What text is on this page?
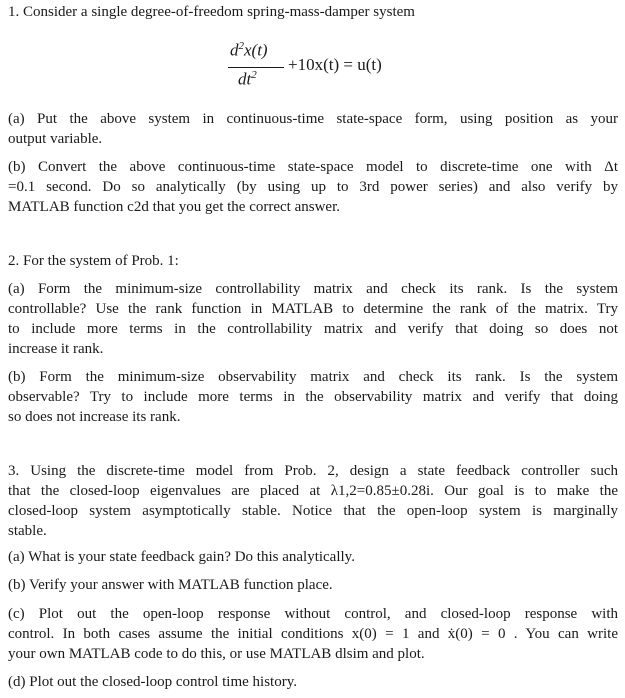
1. Consider a single degree-of-freedom spring-mass-damper system
$d^2x(t)$
$dt^2$
+10x(t) = u(t)
(a) Put the above system in continuous-time state-space form, using position as your
output variable.
(b) Convert the above continuous-time state-space model to discrete-time one with Δt
=0.1 second. Do so analytically (by using up to 3rd power series) and also verify by
MATLAB function c2d that you get the correct answer.
2. For the system of Prob. 1:
(a) Form the minimum-size controllability matrix and check its rank. Is the system
controllable? Use the rank function in MATLAB to determine the rank of the matrix. Try
to include more terms in the controllability matrix and verify that doing so does not
increase it rank.
(b) Form the minimum-size observability matrix and check its rank. Is the system
observable? Try to include more terms in the observability matrix and verify that doing
so does not increase its rank.
3. Using the discrete-time model from Prob. 2, design a state feedback controller such
that the closed-loop eigenvalues are placed at λ1,2=0.85±0.28i. Our goal is to make the
closed-loop system asymptotically stable. Notice that the open-loop system is marginally
stable.
(a) What is your state feedback gain? Do this analytically.
(b) Verify your answer with MATLAB function place.
(c) Plot out the open-loop response without control, and closed-loop response with
control. In both cases assume the initial conditions x(0) = 1 and ẋ(0) = 0 . You can write
your own MATLAB code to do this, or use MATLAB dlsim and plot.
(d) Plot out the closed-loop control time history.
